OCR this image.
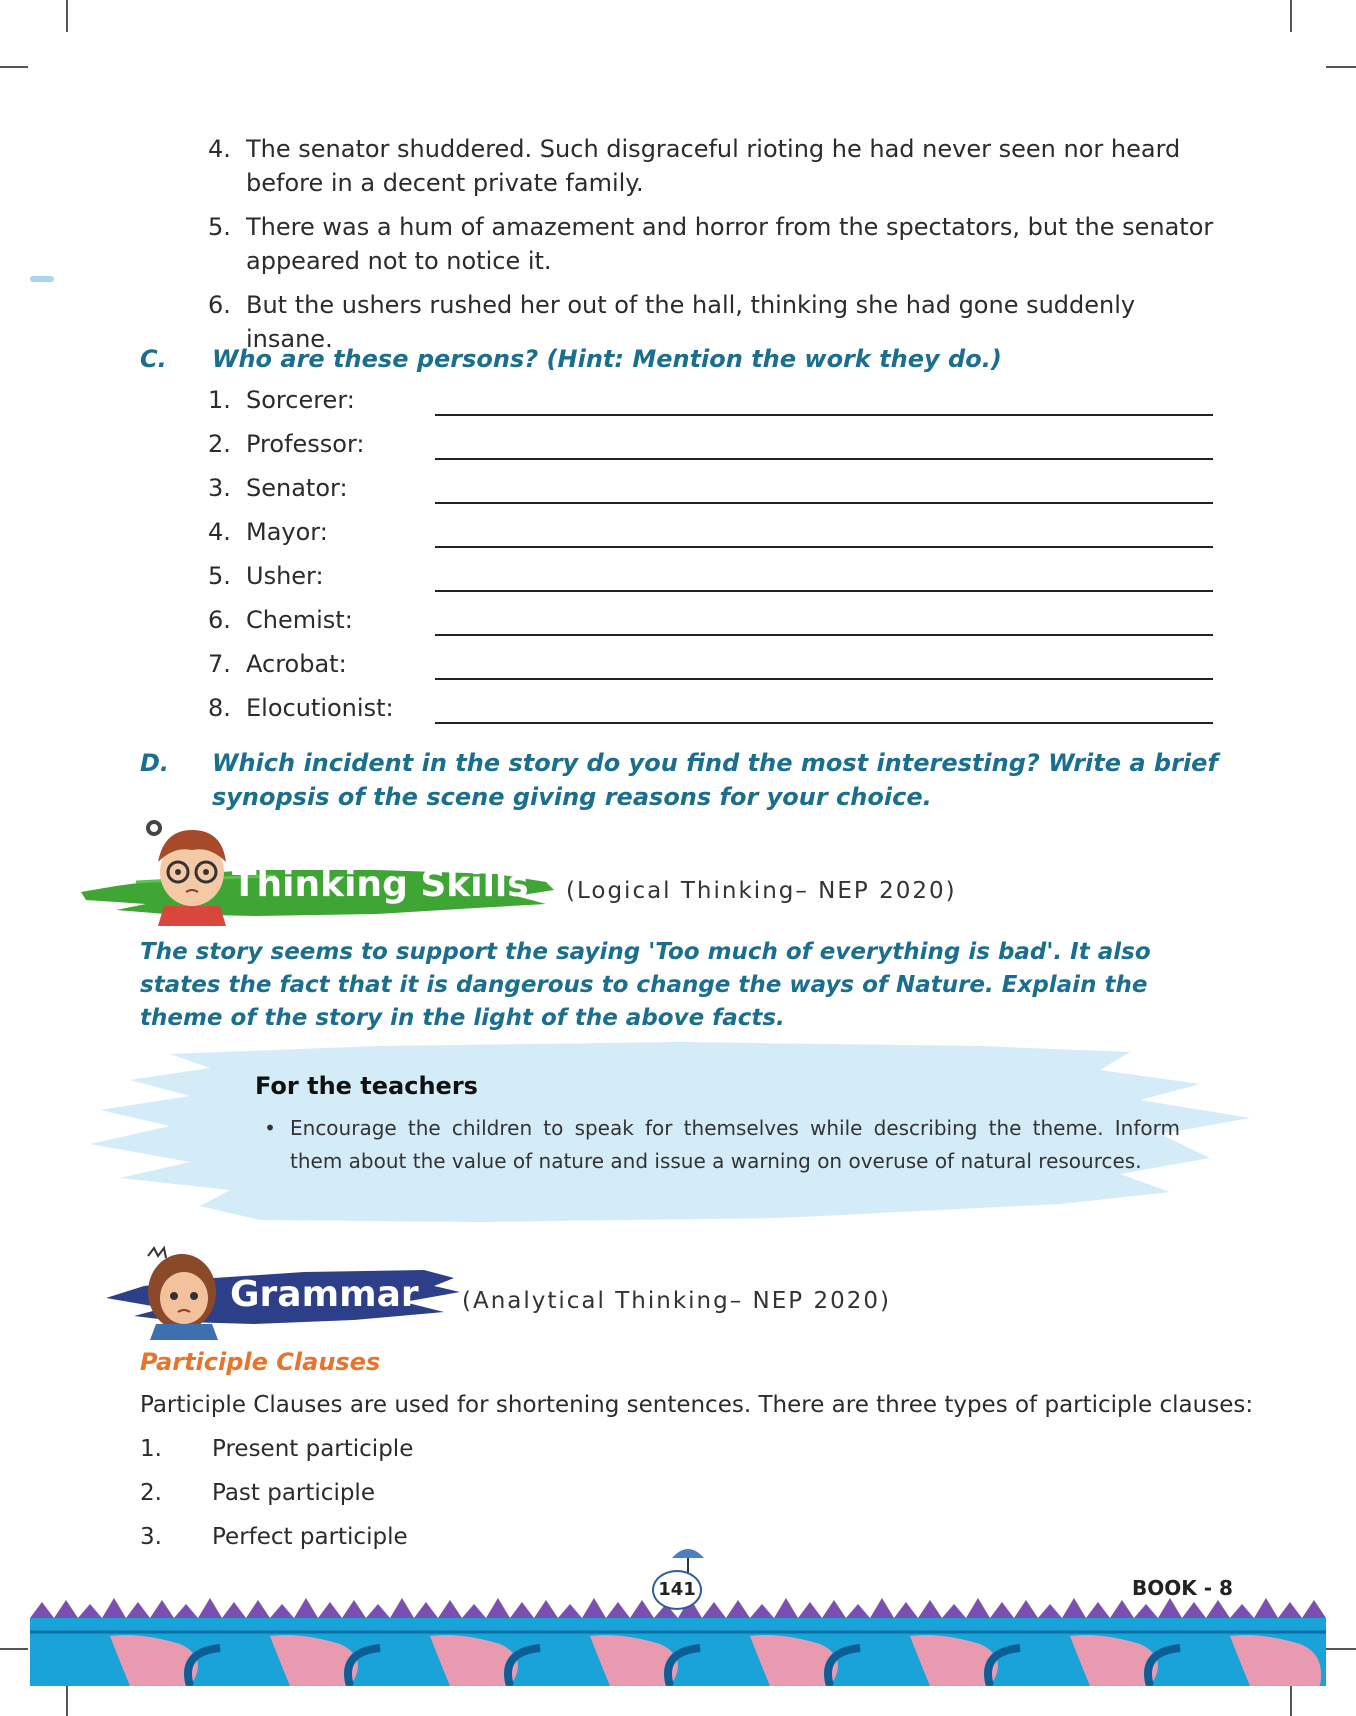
4. The senator shuddered. Such disgraceful rioting he had never seen nor heard before in a decent private family.
5. There was a hum of amazement and horror from the spectators, but the senator appeared not to notice it.
6. But the ushers rushed her out of the hall, thinking she had gone suddenly insane.
C.	Who are these persons? (Hint: Mention the work they do.)
1. Sorcerer:
2. Professor:
3. Senator:
4. Mayor:
5. Usher:
6. Chemist:
7. Acrobat:
8. Elocutionist:
D.	Which incident in the story do you find the most interesting? Write a brief synopsis of the scene giving reasons for your choice.
Thinking Skills (Logical Thinking– NEP 2020)
The story seems to support the saying 'Too much of everything is bad'. It also states the fact that it is dangerous to change the ways of Nature. Explain the theme of the story in the light of the above facts.
For the teachers
• Encourage the children to speak for themselves while describing the theme. Inform them about the value of nature and issue a warning on overuse of natural resources.
Grammar (Analytical Thinking– NEP 2020)
Participle Clauses
Participle Clauses are used for shortening sentences. There are three types of participle clauses:
1.	Present participle
2.	Past participle
3.	Perfect participle
141	BOOK - 8
